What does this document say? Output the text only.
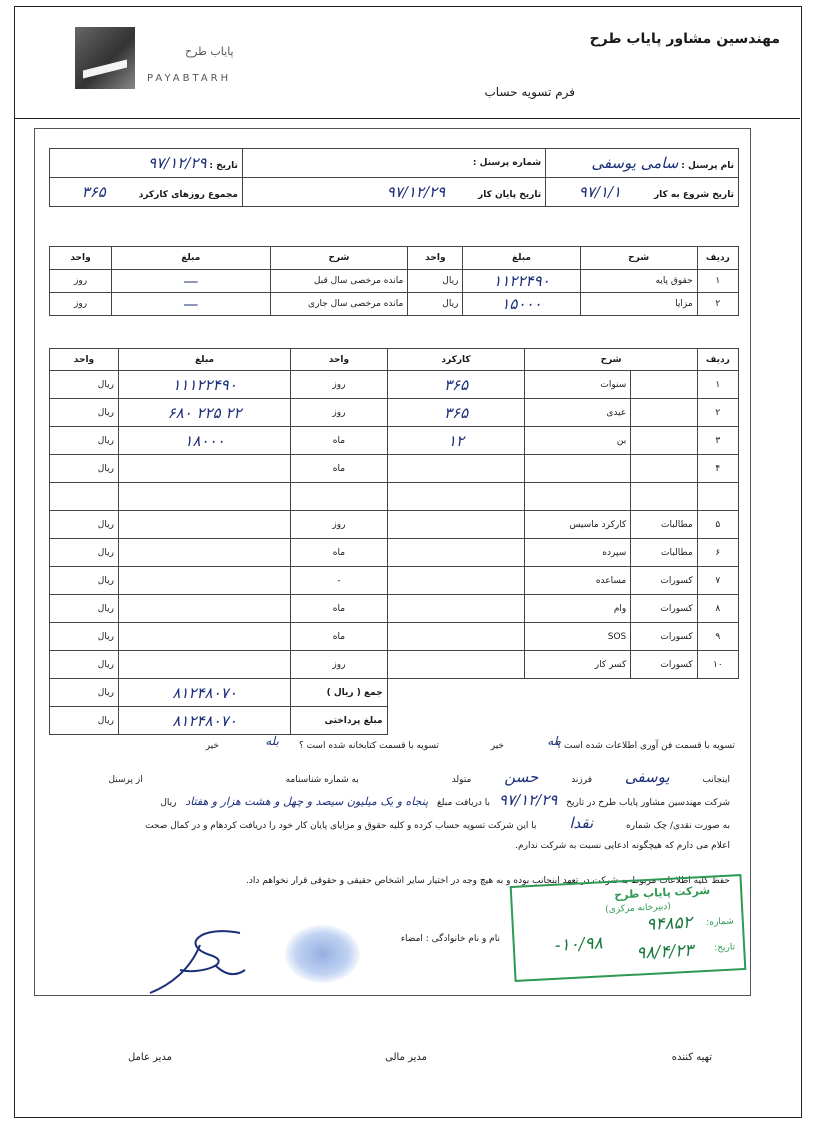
مهندسین مشاور پایاب طرح
فرم تسویه حساب
پایاب طرح
PAYABTARH
نام پرسنل : سامی یوسفی	شماره پرسنل :	تاریخ : ۹۷/۱۲/۲۹
تاریخ شروع به کار ۹۷/۱/۱	تاریخ پایان کار ۹۷/۱۲/۲۹	مجموع روزهای کارکرد ۳۶۵
ردیف	شرح	مبلغ	واحد	شرح	مبلغ	واحد
۱	حقوق پایه	۱۱۲۲۴۹۰	ریال	مانده مرخصی سال قبل	—	روز
۲	مزایا	۱۵۰۰۰	ریال	مانده مرخصی سال جاری	—	روز
ردیف	شرح		کارکرد	واحد	مبلغ	واحد
۱		سنوات	۳۶۵	روز	۱۱۱۲۲۴۹۰	ریال
۲		عیدی	۳۶۵	روز	۲۲ ۲۲۵ ۶۸۰	ریال
۳		بن	۱۲	ماه	۱۸۰۰۰	ریال
۴				ماه		ریال

۵	مطالبات	کارکرد ماسیس		روز		ریال
۶	مطالبات	سپرده		ماه		ریال
۷	کسورات	مساعده		-		ریال
۸	کسورات	وام		ماه		ریال
۹	کسورات	SOS		ماه		ریال
۱۰	کسورات	کسر کار		روز		ریال
				جمع ( ریال )	۸۱۲۴۸۰۷۰	ریال
				مبلغ پرداختی	۸۱۲۴۸۰۷۰	ریال
تسویه با قسمت فن آوری اطلاعات شده است ؟
بله
خیر
تسویه با قسمت کتابخانه شده است ؟
بله
خیر
اینجانب یوسفی فرزند حسن متولد به شماره شناسنامه از پرسنل
شرکت مهندسین مشاور پایاب طرح در تاریخ ۹۷/۱۲/۲۹ با دریافت مبلغ پنجاه و یک میلیون سیصد و چهل و هشت هزار و هفتاد ریال
به صورت نقدی/ چک شماره نقدا با این شرکت تسویه حساب کرده و کلیه حقوق و مزایای پایان کار خود را دریافت کردهام و در کمال صحت
اعلام می دارم که هیچگونه ادعایی نسبت به شرکت ندارم.
حفظ کلیه اطلاعات مربوط به شرکت در تعهد اینجانب بوده و به هیچ وجه در اختیار سایر اشخاص حقیقی و حقوقی قرار نخواهم داد.
نام و نام خانوادگی : امضاء
شرکت پایاب طرح
(دبیرخانه مرکزی)
شماره:
۹۴۸۵۲
۱۰/۹۸-	تاریخ:
۹۸/۴/۲۳
تهیه کننده
مدیر مالی
مدیر عامل
